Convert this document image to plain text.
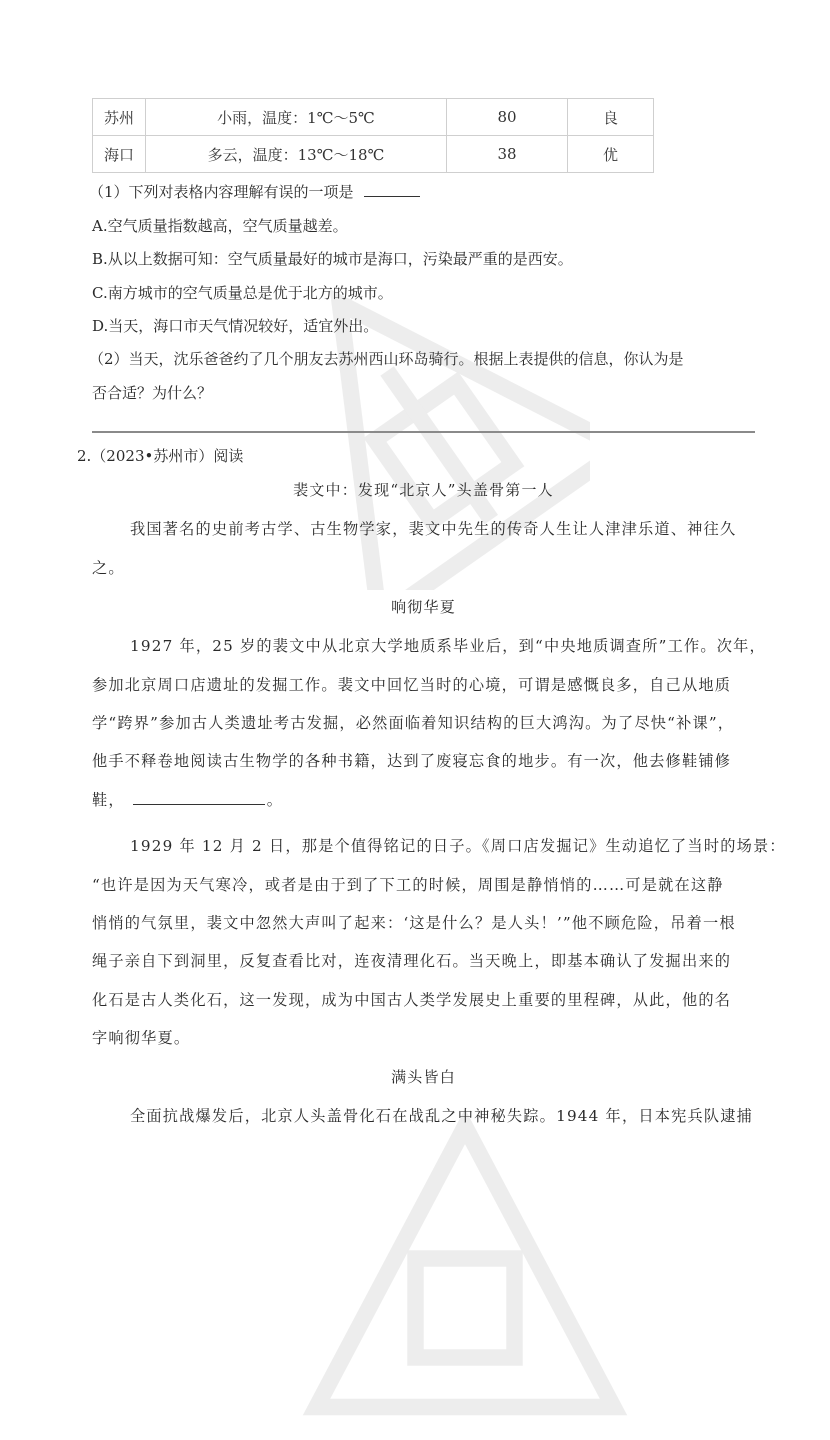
苏州	小雨，温度：1℃～5℃	80	良
海口	多云，温度：13℃～18℃	38	优
（1）下列对表格内容理解有误的一项是
A.空气质量指数越高，空气质量越差。
B.从以上数据可知：空气质量最好的城市是海口，污染最严重的是西安。
C.南方城市的空气质量总是优于北方的城市。
D.当天，海口市天气情况较好，适宜外出。
（2）当天，沈乐爸爸约了几个朋友去苏州西山环岛骑行。根据上表提供的信息，你认为是
否合适？为什么？
2.（2023•苏州市）阅读
裴文中：发现“北京人”头盖骨第一人
我国著名的史前考古学、古生物学家，裴文中先生的传奇人生让人津津乐道、神往久
之。
响彻华夏
1927 年，25 岁的裴文中从北京大学地质系毕业后，到“中央地质调查所”工作。次年，
参加北京周口店遗址的发掘工作。裴文中回忆当时的心境，可谓是感慨良多，自己从地质
学“跨界”参加古人类遗址考古发掘，必然面临着知识结构的巨大鸿沟。为了尽快“补课”，
他手不释卷地阅读古生物学的各种书籍，达到了废寝忘食的地步。有一次，他去修鞋铺修
鞋，	。
1929 年 12 月 2 日，那是个值得铭记的日子。《周口店发掘记》生动追忆了当时的场景：
“也许是因为天气寒冷，或者是由于到了下工的时候，周围是静悄悄的……可是就在这静
悄悄的气氛里，裴文中忽然大声叫了起来：‘这是什么？是人头！’”他不顾危险，吊着一根
绳子亲自下到洞里，反复查看比对，连夜清理化石。当天晚上，即基本确认了发掘出来的
化石是古人类化石，这一发现，成为中国古人类学发展史上重要的里程碑，从此，他的名
字响彻华夏。
满头皆白
全面抗战爆发后，北京人头盖骨化石在战乱之中神秘失踪。1944 年，日本宪兵队逮捕
